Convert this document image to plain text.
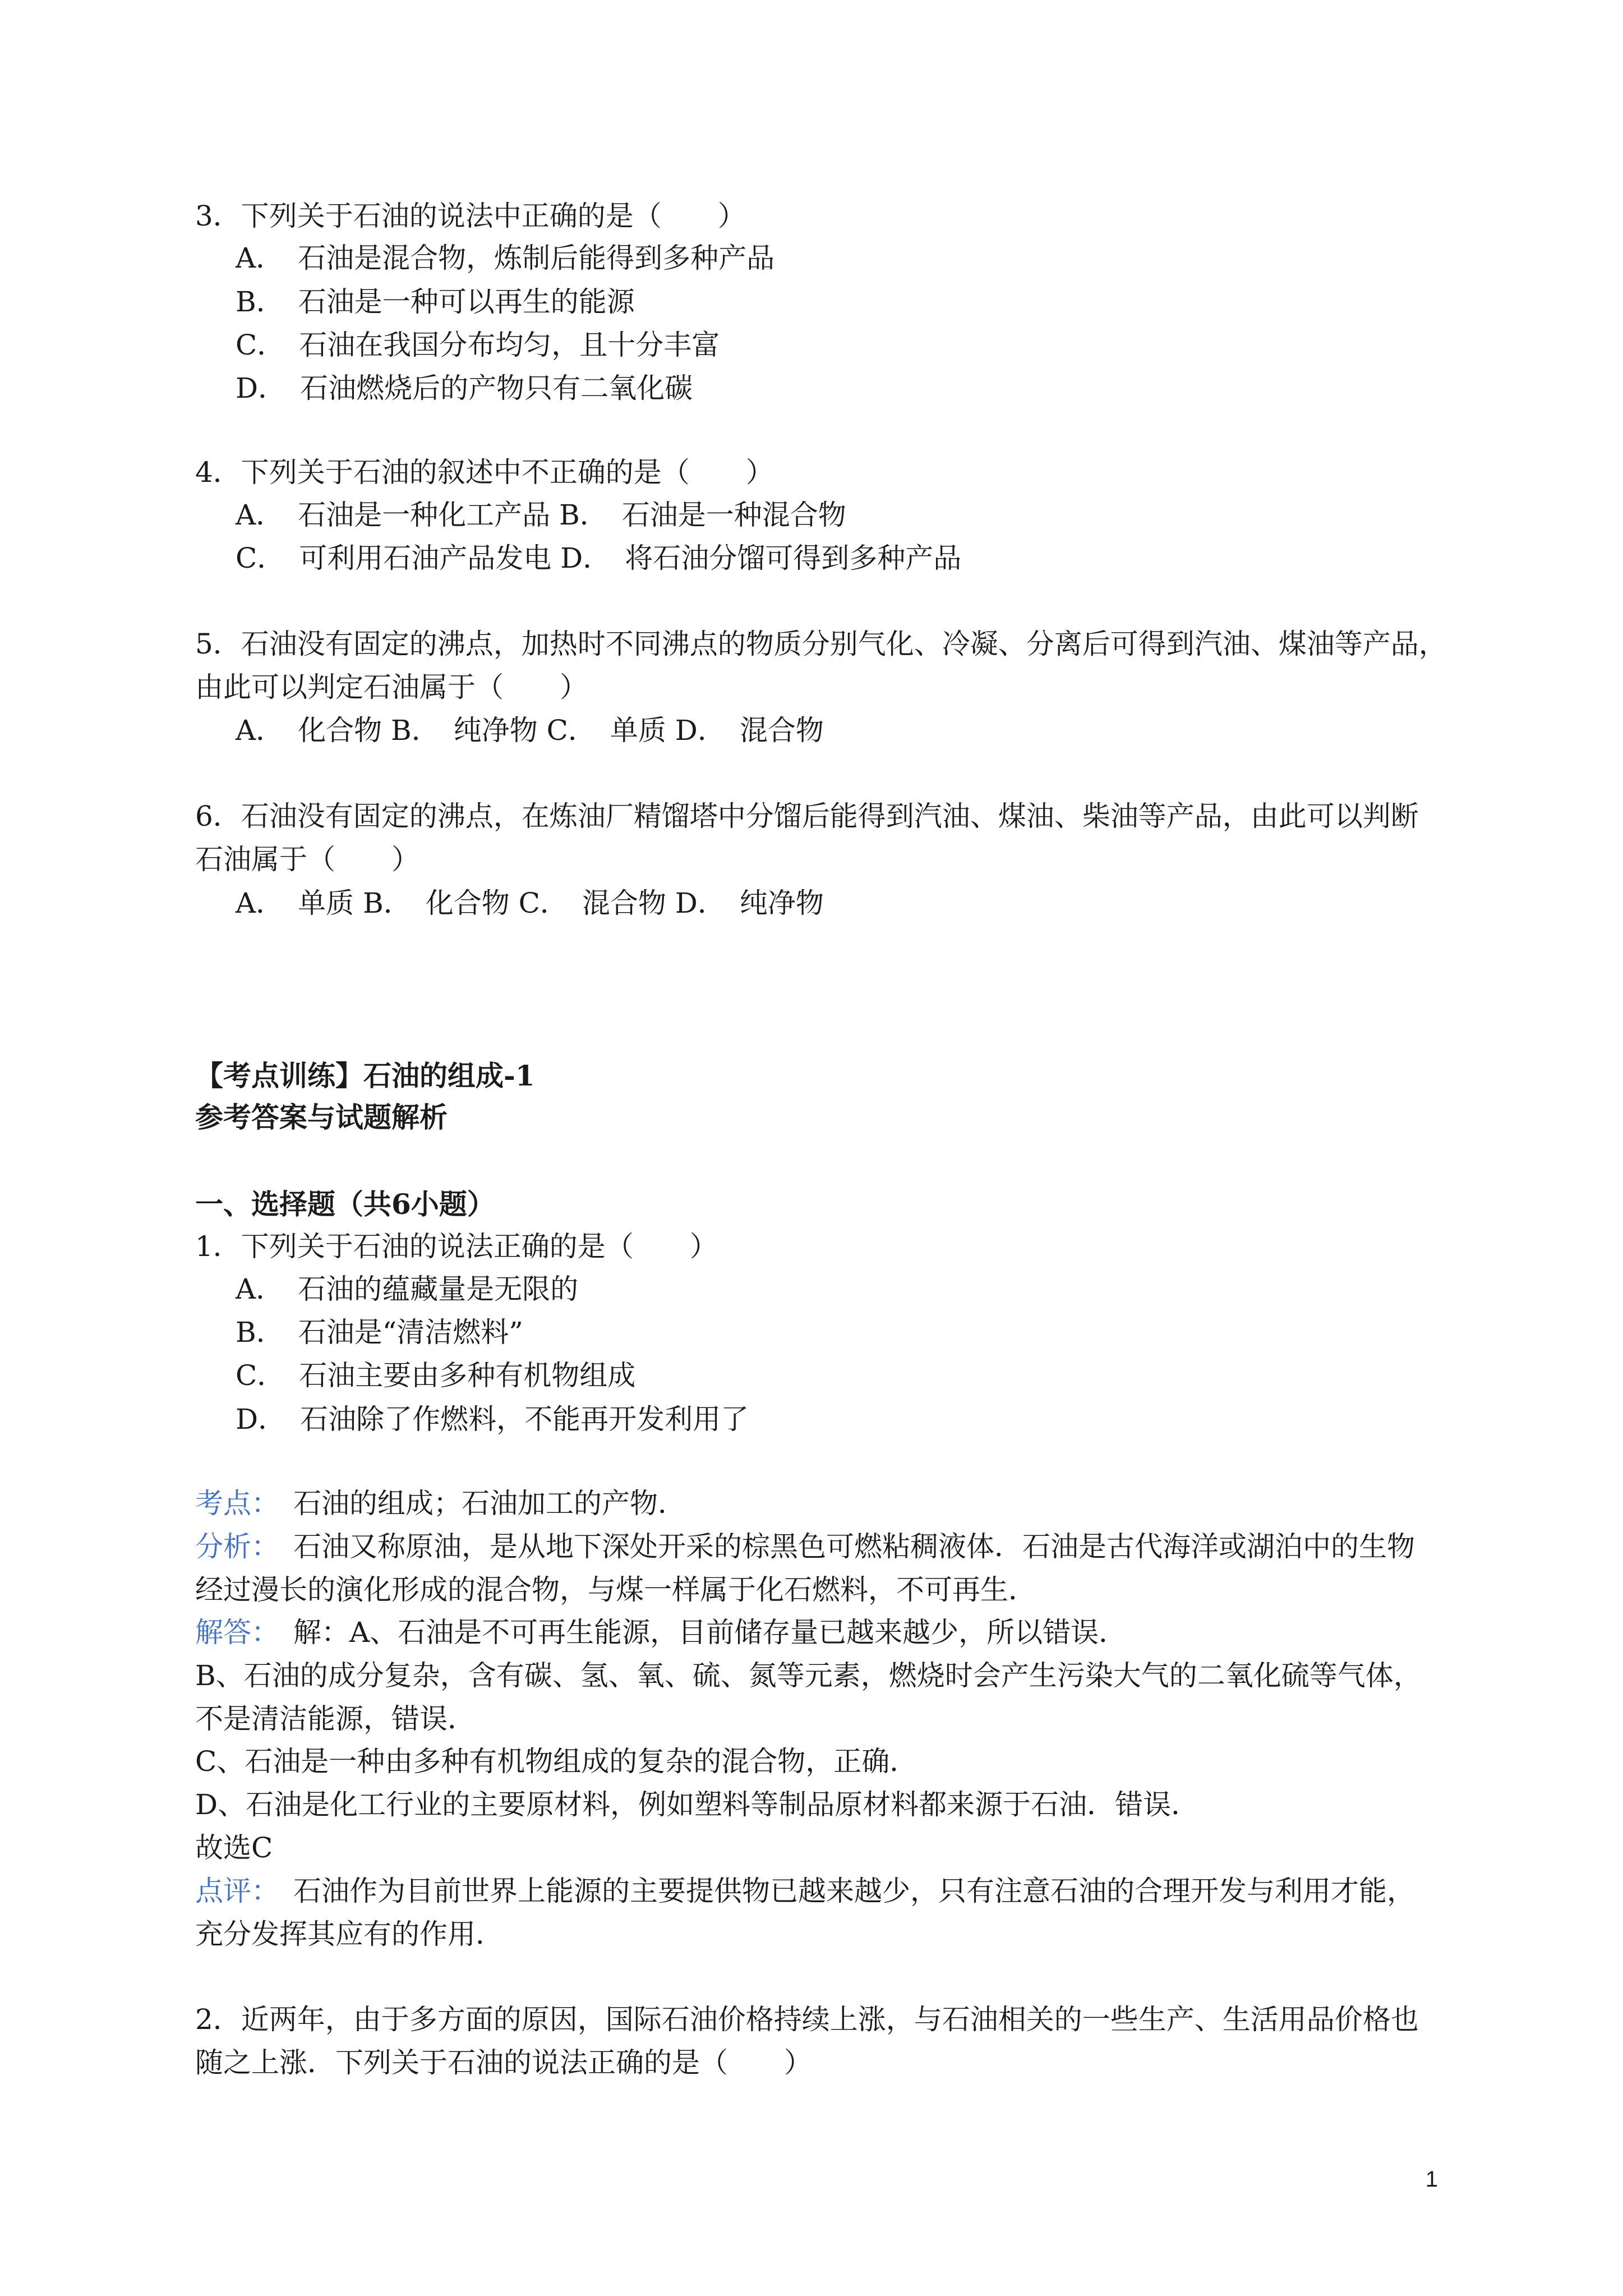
3．下列关于石油的说法中正确的是（　　）
A．　石油是混合物，炼制后能得到多种产品
B．　石油是一种可以再生的能源
C．　石油在我国分布均匀，且十分丰富
D．　石油燃烧后的产物只有二氧化碳
4．下列关于石油的叙述中不正确的是（　　）
A．　石油是一种化工产品 B．　石油是一种混合物
C．　可利用石油产品发电 D．　将石油分馏可得到多种产品
5．石油没有固定的沸点，加热时不同沸点的物质分别气化、冷凝、分离后可得到汽油、煤油等产品，
由此可以判定石油属于（　　）
A．　化合物 B．　纯净物 C．　单质 D．　混合物
6．石油没有固定的沸点，在炼油厂精馏塔中分馏后能得到汽油、煤油、柴油等产品，由此可以判断
石油属于（　　）
A．　单质 B．　化合物 C．　混合物 D．　纯净物
【考点训练】石油的组成-1
参考答案与试题解析
一、选择题（共6小题）
1．下列关于石油的说法正确的是（　　）
A．　石油的蕴藏量是无限的
B．　石油是“清洁燃料”
C．　石油主要由多种有机物组成
D．　石油除了作燃料，不能再开发利用了
考点：　石油的组成；石油加工的产物．
分析：　石油又称原油，是从地下深处开采的棕黑色可燃粘稠液体．石油是古代海洋或湖泊中的生物
经过漫长的演化形成的混合物，与煤一样属于化石燃料，不可再生．
解答：　解：A、石油是不可再生能源，目前储存量已越来越少，所以错误．
B、石油的成分复杂，含有碳、氢、氧、硫、氮等元素，燃烧时会产生污染大气的二氧化硫等气体，
不是清洁能源，错误．
C、石油是一种由多种有机物组成的复杂的混合物，正确．
D、石油是化工行业的主要原材料，例如塑料等制品原材料都来源于石油．错误．
故选C
点评：　石油作为目前世界上能源的主要提供物已越来越少，只有注意石油的合理开发与利用才能，
充分发挥其应有的作用．
2．近两年，由于多方面的原因，国际石油价格持续上涨，与石油相关的一些生产、生活用品价格也
随之上涨．下列关于石油的说法正确的是（　　）
1
